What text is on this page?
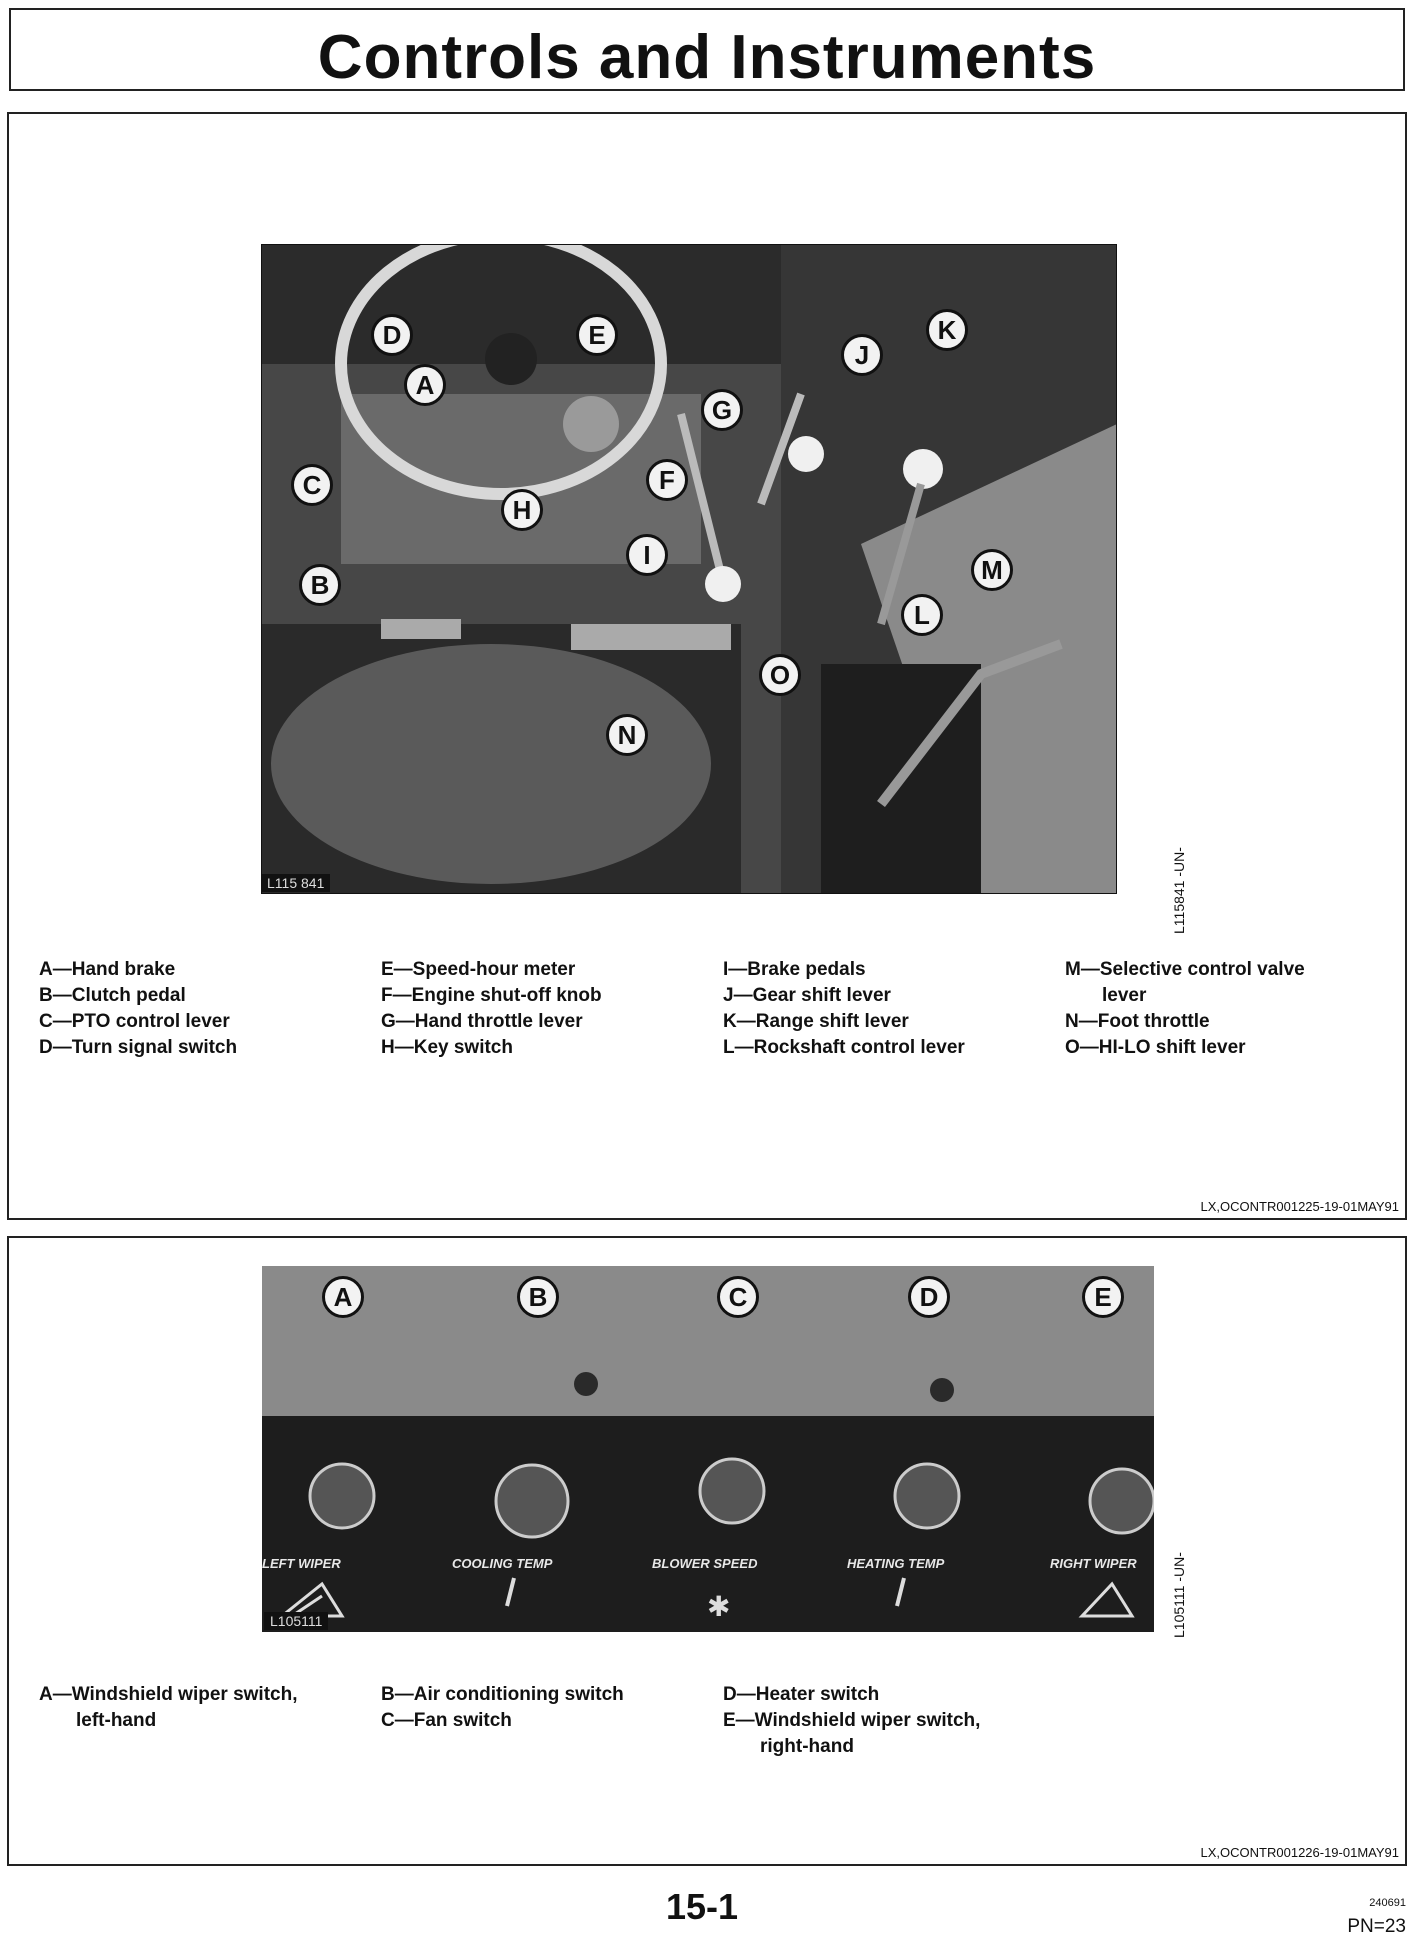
Controls and Instruments
A
B
C
D	E
F
G
H
I
J
K
L
M
N
O
L115 841	L115841 -UN-
A—Hand brake
B—Clutch pedal
C—PTO control lever
D—Turn signal switch
E—Speed-hour meter
F—Engine shut-off knob
G—Hand throttle lever
H—Key switch
I—Brake pedals
J—Gear shift lever
K—Range shift lever
L—Rockshaft control lever
M—Selective control valve
lever
N—Foot throttle
O—HI-LO shift lever
LX,OCONTR001225-19-01MAY91
✱
A	B	C	D	E
LEFT WIPER	COOLING TEMP	BLOWER SPEED	HEATING TEMP	RIGHT WIPER
L105111	L105111 -UN-
A—Windshield wiper switch,
left-hand
B—Air conditioning switch
C—Fan switch
D—Heater switch
E—Windshield wiper switch,
right-hand
LX,OCONTR001226-19-01MAY91
15-1	240691
PN=23
